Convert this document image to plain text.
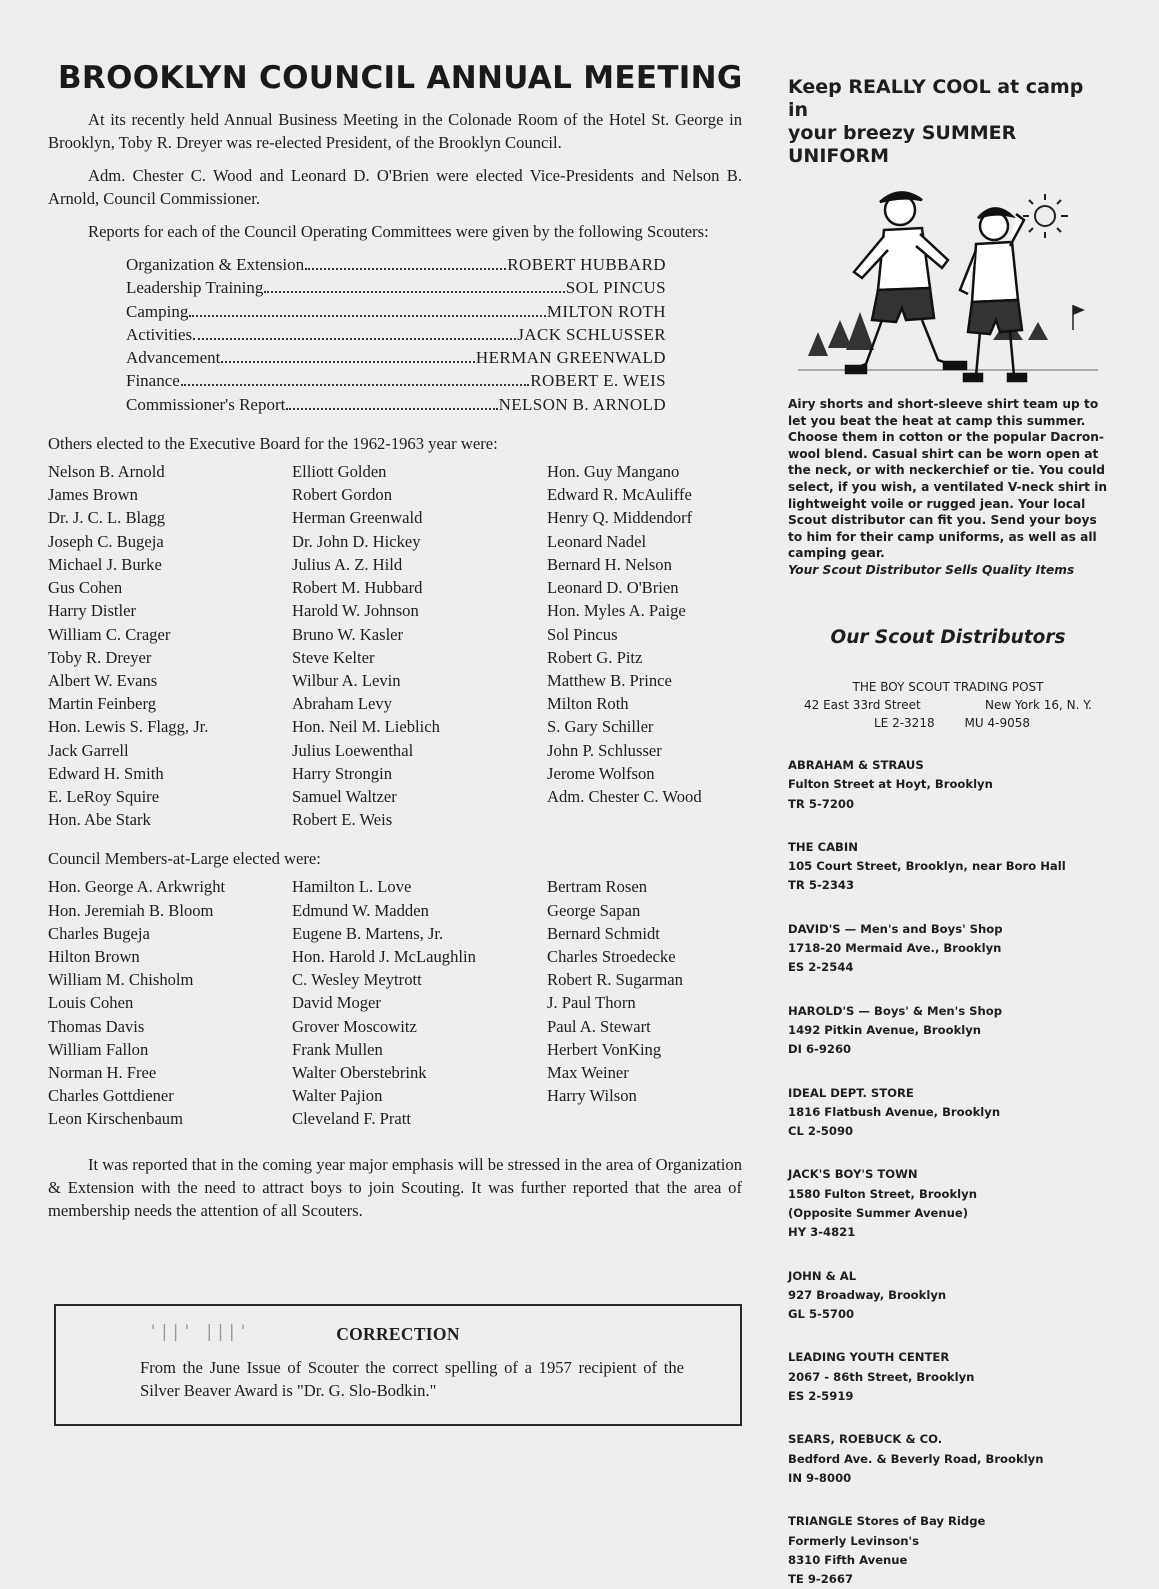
BROOKLYN COUNCIL ANNUAL MEETING

At its recently held Annual Business Meeting in the Colonade Room of the Hotel St. George in Brooklyn, Toby R. Dreyer was re-elected President, of the Brooklyn Council.

Adm. Chester C. Wood and Leonard D. O'Brien were elected Vice-Presidents and Nelson B. Arnold, Council Commissioner.

Reports for each of the Council Operating Committees were given by the following Scouters:

Organization & Extension	ROBERT HUBBARD
Leadership Training	SOL PINCUS
Camping	MILTON ROTH
Activities	JACK SCHLUSSER
Advancement	HERMAN GREENWALD
Finance	ROBERT E. WEIS
Commissioner's Report	NELSON B. ARNOLD
Others elected to the Executive Board for the 1962-1963 year were:
Nelson B. Arnold
James Brown
Dr. J. C. L. Blagg
Joseph C. Bugeja
Michael J. Burke
Gus Cohen
Harry Distler
William C. Crager
Toby R. Dreyer
Albert W. Evans
Martin Feinberg
Hon. Lewis S. Flagg, Jr.
Jack Garrell
Edward H. Smith
E. LeRoy Squire
Hon. Abe Stark
Elliott Golden
Robert Gordon
Herman Greenwald
Dr. John D. Hickey
Julius A. Z. Hild
Robert M. Hubbard
Harold W. Johnson
Bruno W. Kasler
Steve Kelter
Wilbur A. Levin
Abraham Levy
Hon. Neil M. Lieblich
Julius Loewenthal
Harry Strongin
Samuel Waltzer
Robert E. Weis
Hon. Guy Mangano
Edward R. McAuliffe
Henry Q. Middendorf
Leonard Nadel
Bernard H. Nelson
Leonard D. O'Brien
Hon. Myles A. Paige
Sol Pincus
Robert G. Pitz
Matthew B. Prince
Milton Roth
S. Gary Schiller
John P. Schlusser
Jerome Wolfson
Adm. Chester C. Wood
Council Members-at-Large elected were:
Hon. George A. Arkwright
Hon. Jeremiah B. Bloom
Charles Bugeja
Hilton Brown
William M. Chisholm
Louis Cohen
Thomas Davis
William Fallon
Norman H. Free
Charles Gottdiener
Leon Kirschenbaum
Hamilton L. Love
Edmund W. Madden
Eugene B. Martens, Jr.
Hon. Harold J. McLaughlin
C. Wesley Meytrott
David Moger
Grover Moscowitz
Frank Mullen
Walter Oberstebrink
Walter Pajion
Cleveland F. Pratt
Bertram Rosen
George Sapan
Bernard Schmidt
Charles Stroedecke
Robert R. Sugarman
J. Paul Thorn
Paul A. Stewart
Herbert VonKing
Max Weiner
Harry Wilson

It was reported that in the coming year major emphasis will be stressed in the area of Organization & Extension with the need to attract boys to join Scouting. It was further reported that the area of membership needs the attention of all Scouters.

'||' |||'	CORRECTION
From the June Issue of Scouter the correct spelling of a 1957 recipient of the Silver Beaver Award is "Dr. G. Slo-Bodkin."
Keep REALLY COOL at camp in
your breezy SUMMER UNIFORM
Airy shorts and short-sleeve shirt team up to let you beat the heat at camp this summer. Choose them in cotton or the popular Dacron-wool blend. Casual shirt can be worn open at the neck, or with neckerchief or tie. You could select, if you wish, a ventilated V-neck shirt in lightweight voile or rugged jean. Your local Scout distributor can fit you. Send your boys to him for their camp uniforms, as well as all camping gear.
Your Scout Distributor Sells Quality Items
Our Scout Distributors
THE BOY SCOUT TRADING POST
42 East 33rd Street	New York 16, N. Y.
LE 2-3218 MU 4-9058
ABRAHAM & STRAUS
Fulton Street at Hoyt, Brooklyn
TR 5-7200
THE CABIN
105 Court Street, Brooklyn, near Boro Hall
TR 5-2343
DAVID'S — Men's and Boys' Shop
1718-20 Mermaid Ave., Brooklyn
ES 2-2544
HAROLD'S — Boys' & Men's Shop
1492 Pitkin Avenue, Brooklyn
DI 6-9260
IDEAL DEPT. STORE
1816 Flatbush Avenue, Brooklyn
CL 2-5090
JACK'S BOY'S TOWN
1580 Fulton Street, Brooklyn
(Opposite Summer Avenue)
HY 3-4821
JOHN & AL
927 Broadway, Brooklyn
GL 5-5700
LEADING YOUTH CENTER
2067 - 86th Street, Brooklyn
ES 2-5919
SEARS, ROEBUCK & CO.
Bedford Ave. & Beverly Road, Brooklyn
IN 9-8000
TRIANGLE Stores of Bay Ridge
Formerly Levinson's
8310 Fifth Avenue
TE 9-2667
